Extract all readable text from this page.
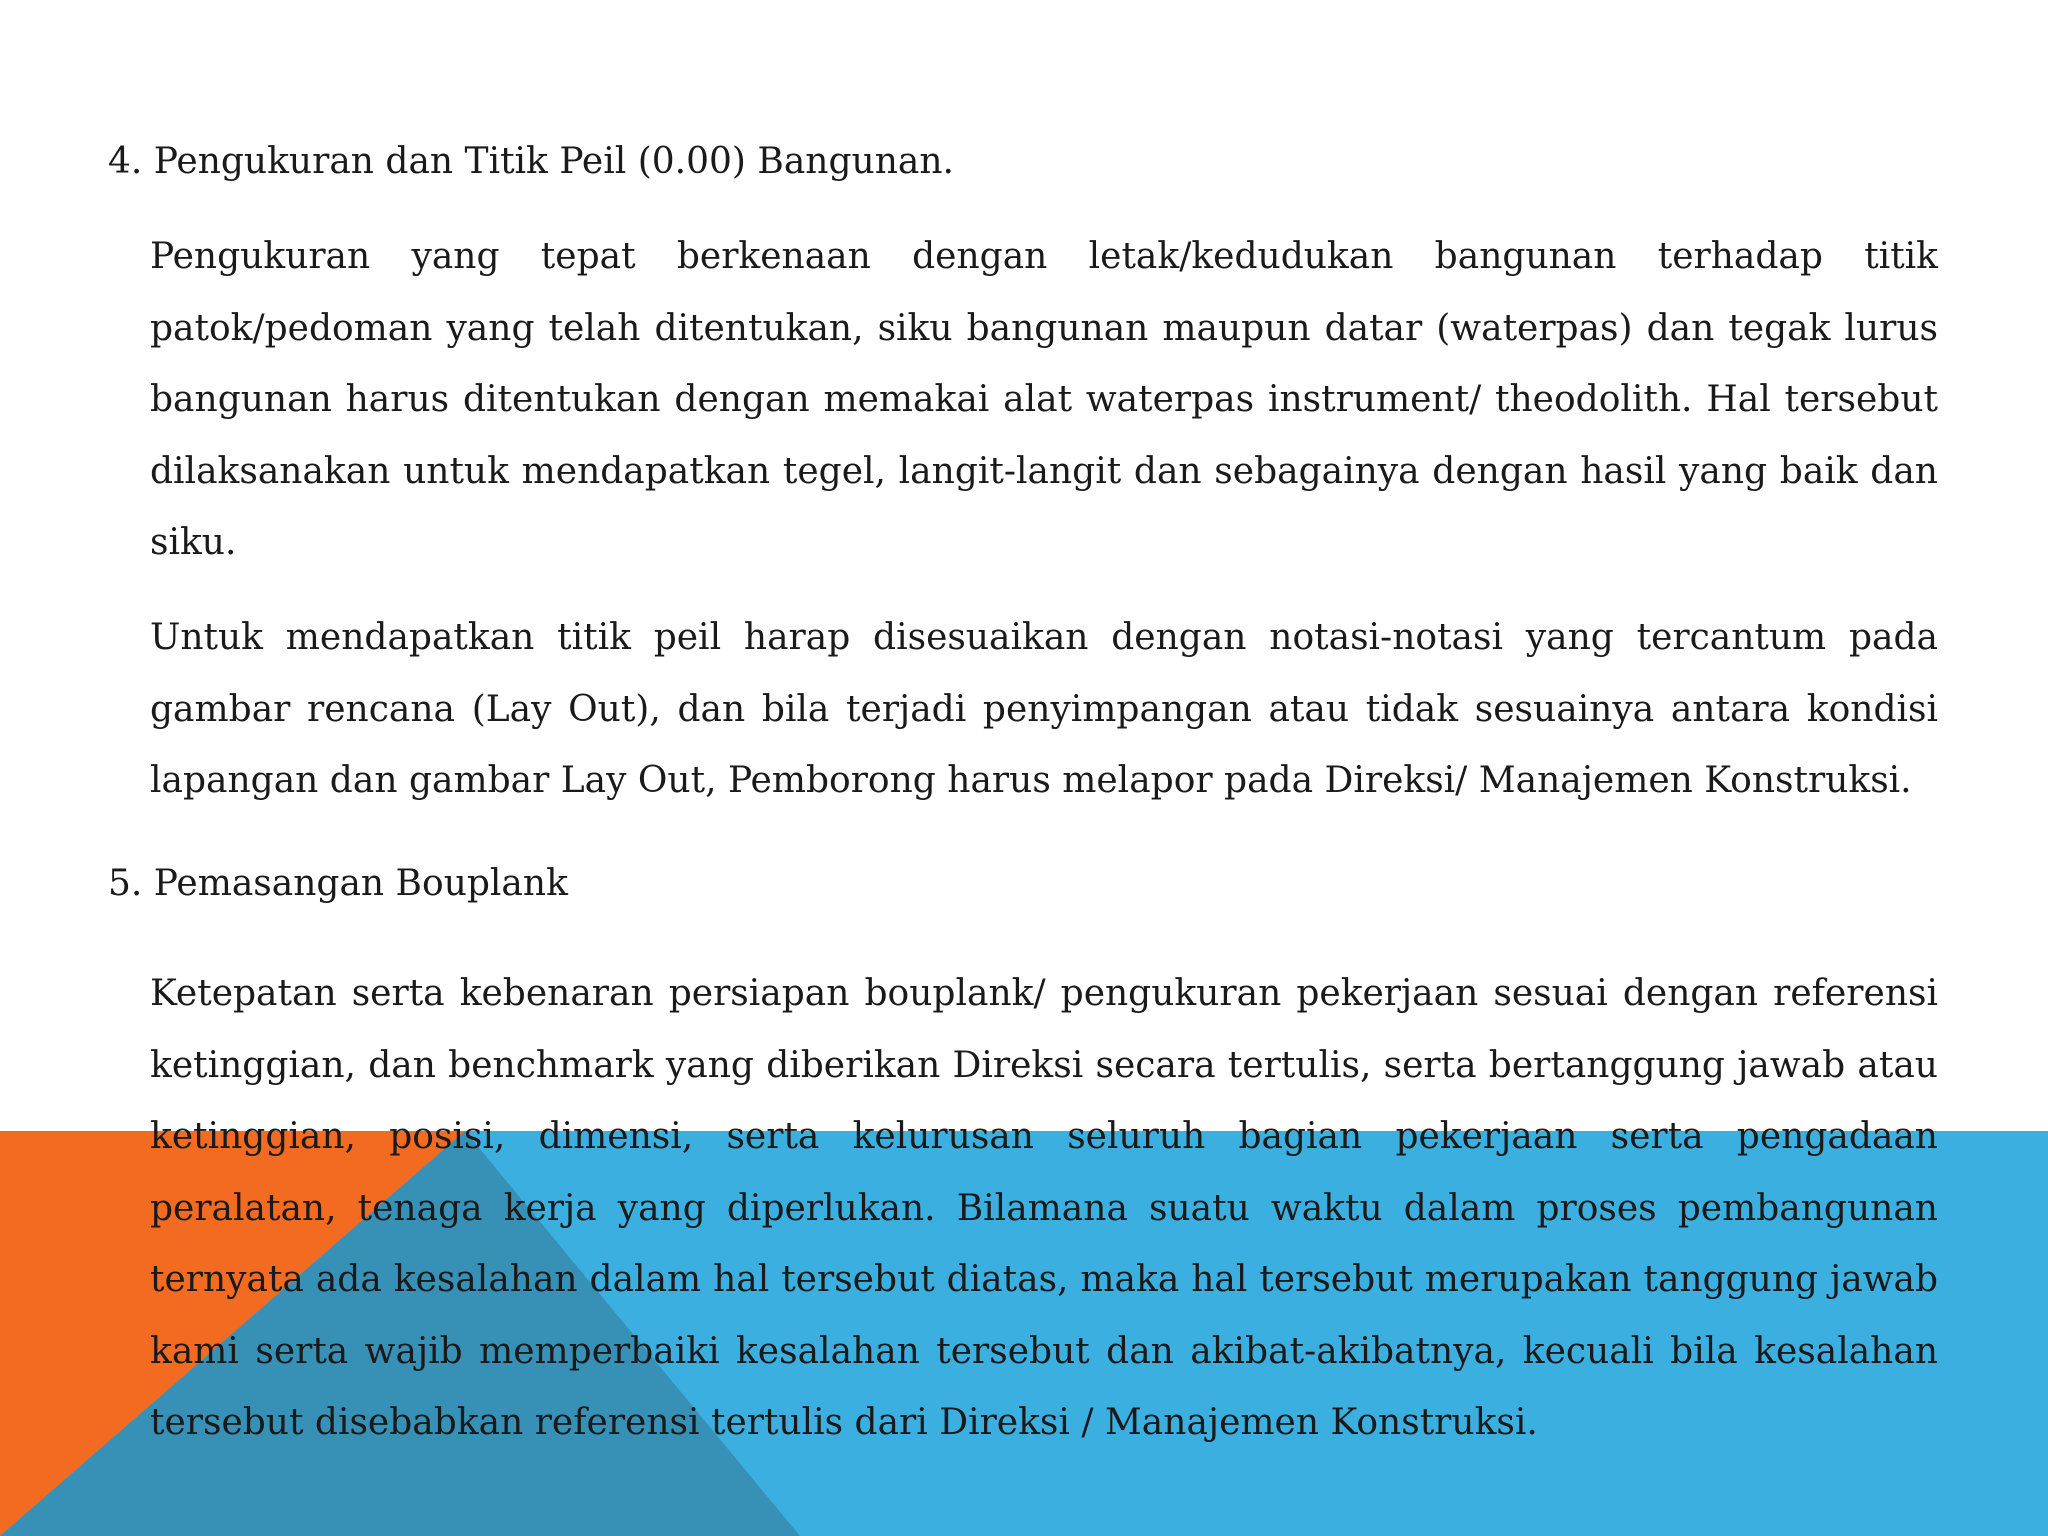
4. Pengukuran dan Titik Peil (0.00) Bangunan.

Pengukuran yang tepat berkenaan dengan letak/kedudukan bangunan terhadap titik patok/pedoman yang telah ditentukan, siku bangunan maupun datar (waterpas) dan tegak lurus bangunan harus ditentukan dengan memakai alat waterpas instrument/ theodolith. Hal tersebut dilaksanakan untuk mendapatkan tegel, langit-langit dan sebagainya dengan hasil yang baik dan siku.

Untuk mendapatkan titik peil harap disesuaikan dengan notasi-notasi yang tercantum pada gambar rencana (Lay Out), dan bila terjadi penyimpangan atau tidak sesuainya antara kondisi lapangan dan gambar Lay Out, Pemborong harus melapor pada Direksi/ Manajemen Konstruksi.

5. Pemasangan Bouplank

Ketepatan serta kebenaran persiapan bouplank/ pengukuran pekerjaan sesuai dengan referensi ketinggian, dan benchmark yang diberikan Direksi secara tertulis, serta bertanggung jawab atau ketinggian, posisi, dimensi, serta kelurusan seluruh bagian pekerjaan serta pengadaan peralatan, tenaga kerja yang diperlukan. Bilamana suatu waktu dalam proses pembangunan ternyata ada kesalahan dalam hal tersebut diatas, maka hal tersebut merupakan tanggung jawab kami serta wajib memperbaiki kesalahan tersebut dan akibat-akibatnya, kecuali bila kesalahan tersebut disebabkan referensi tertulis dari Direksi / Manajemen Konstruksi.
